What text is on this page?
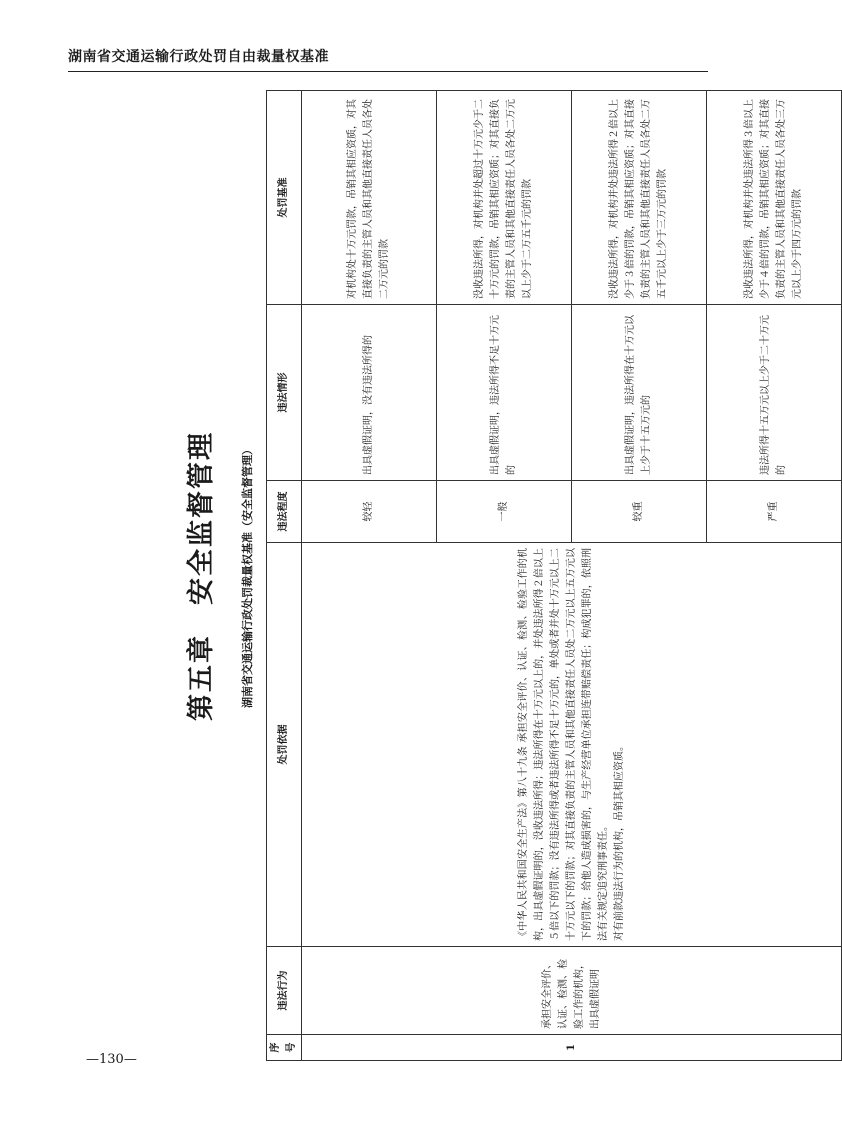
湖南省交通运输行政处罚自由裁量权基准
第五章　安全监督管理	湖南省交通运输行政处罚裁量权基准（安全监督管理）
序号	违法行为	处罚依据	违法程度	违法情形	处罚基准
1	承担安全评价、认证、检测、检验工作的机构，出具虚假证明	《中华人民共和国安全生产法》第八十九条 承担安全评价、认证、检测、检验工作的机构，出具虚假证明的，没收违法所得；违法所得在十万元以上的，并处违法所得２倍以上５倍以下的罚款；没有违法所得或者违法所得不足十万元的，单处或者并处十万元以上二十万元以下的罚款；对其直接负责的主管人员和其他直接责任人员处二万元以上五万元以下的罚款；给他人造成损害的，与生产经营单位承担连带赔偿责任；构成犯罪的，依照刑法有关规定追究刑事责任。 对有前款违法行为的机构，吊销其相应资质。	较轻	出具虚假证明，没有违法所得的	对机构处十万元罚款，吊销其相应资质，对其直接负责的主管人员和其他直接责任人员各处二万元的罚款
			一般	出具虚假证明，违法所得不足十万元的	没收违法所得，对机构并处超过十万元少于二十万元的罚款，吊销其相应资质；对其直接负责的主管人员和其他直接责任人员各处二万元以上少于二万五千元的罚款
			较重	出具虚假证明，违法所得在十万元以上少于十五万元的	没收违法所得，对机构并处违法所得２倍以上少于３倍的罚款，吊销其相应资质；对其直接负责的主管人员和其他直接责任人员各处二万五千元以上少于三万元的罚款
			严重	违法所得十五万元以上少于二十万元的	没收违法所得，对机构并处违法所得３倍以上少于４倍的罚款，吊销其相应资质；对其直接负责的主管人员和其他直接责任人员各处三万元以上少于四万元的罚款
—130—
